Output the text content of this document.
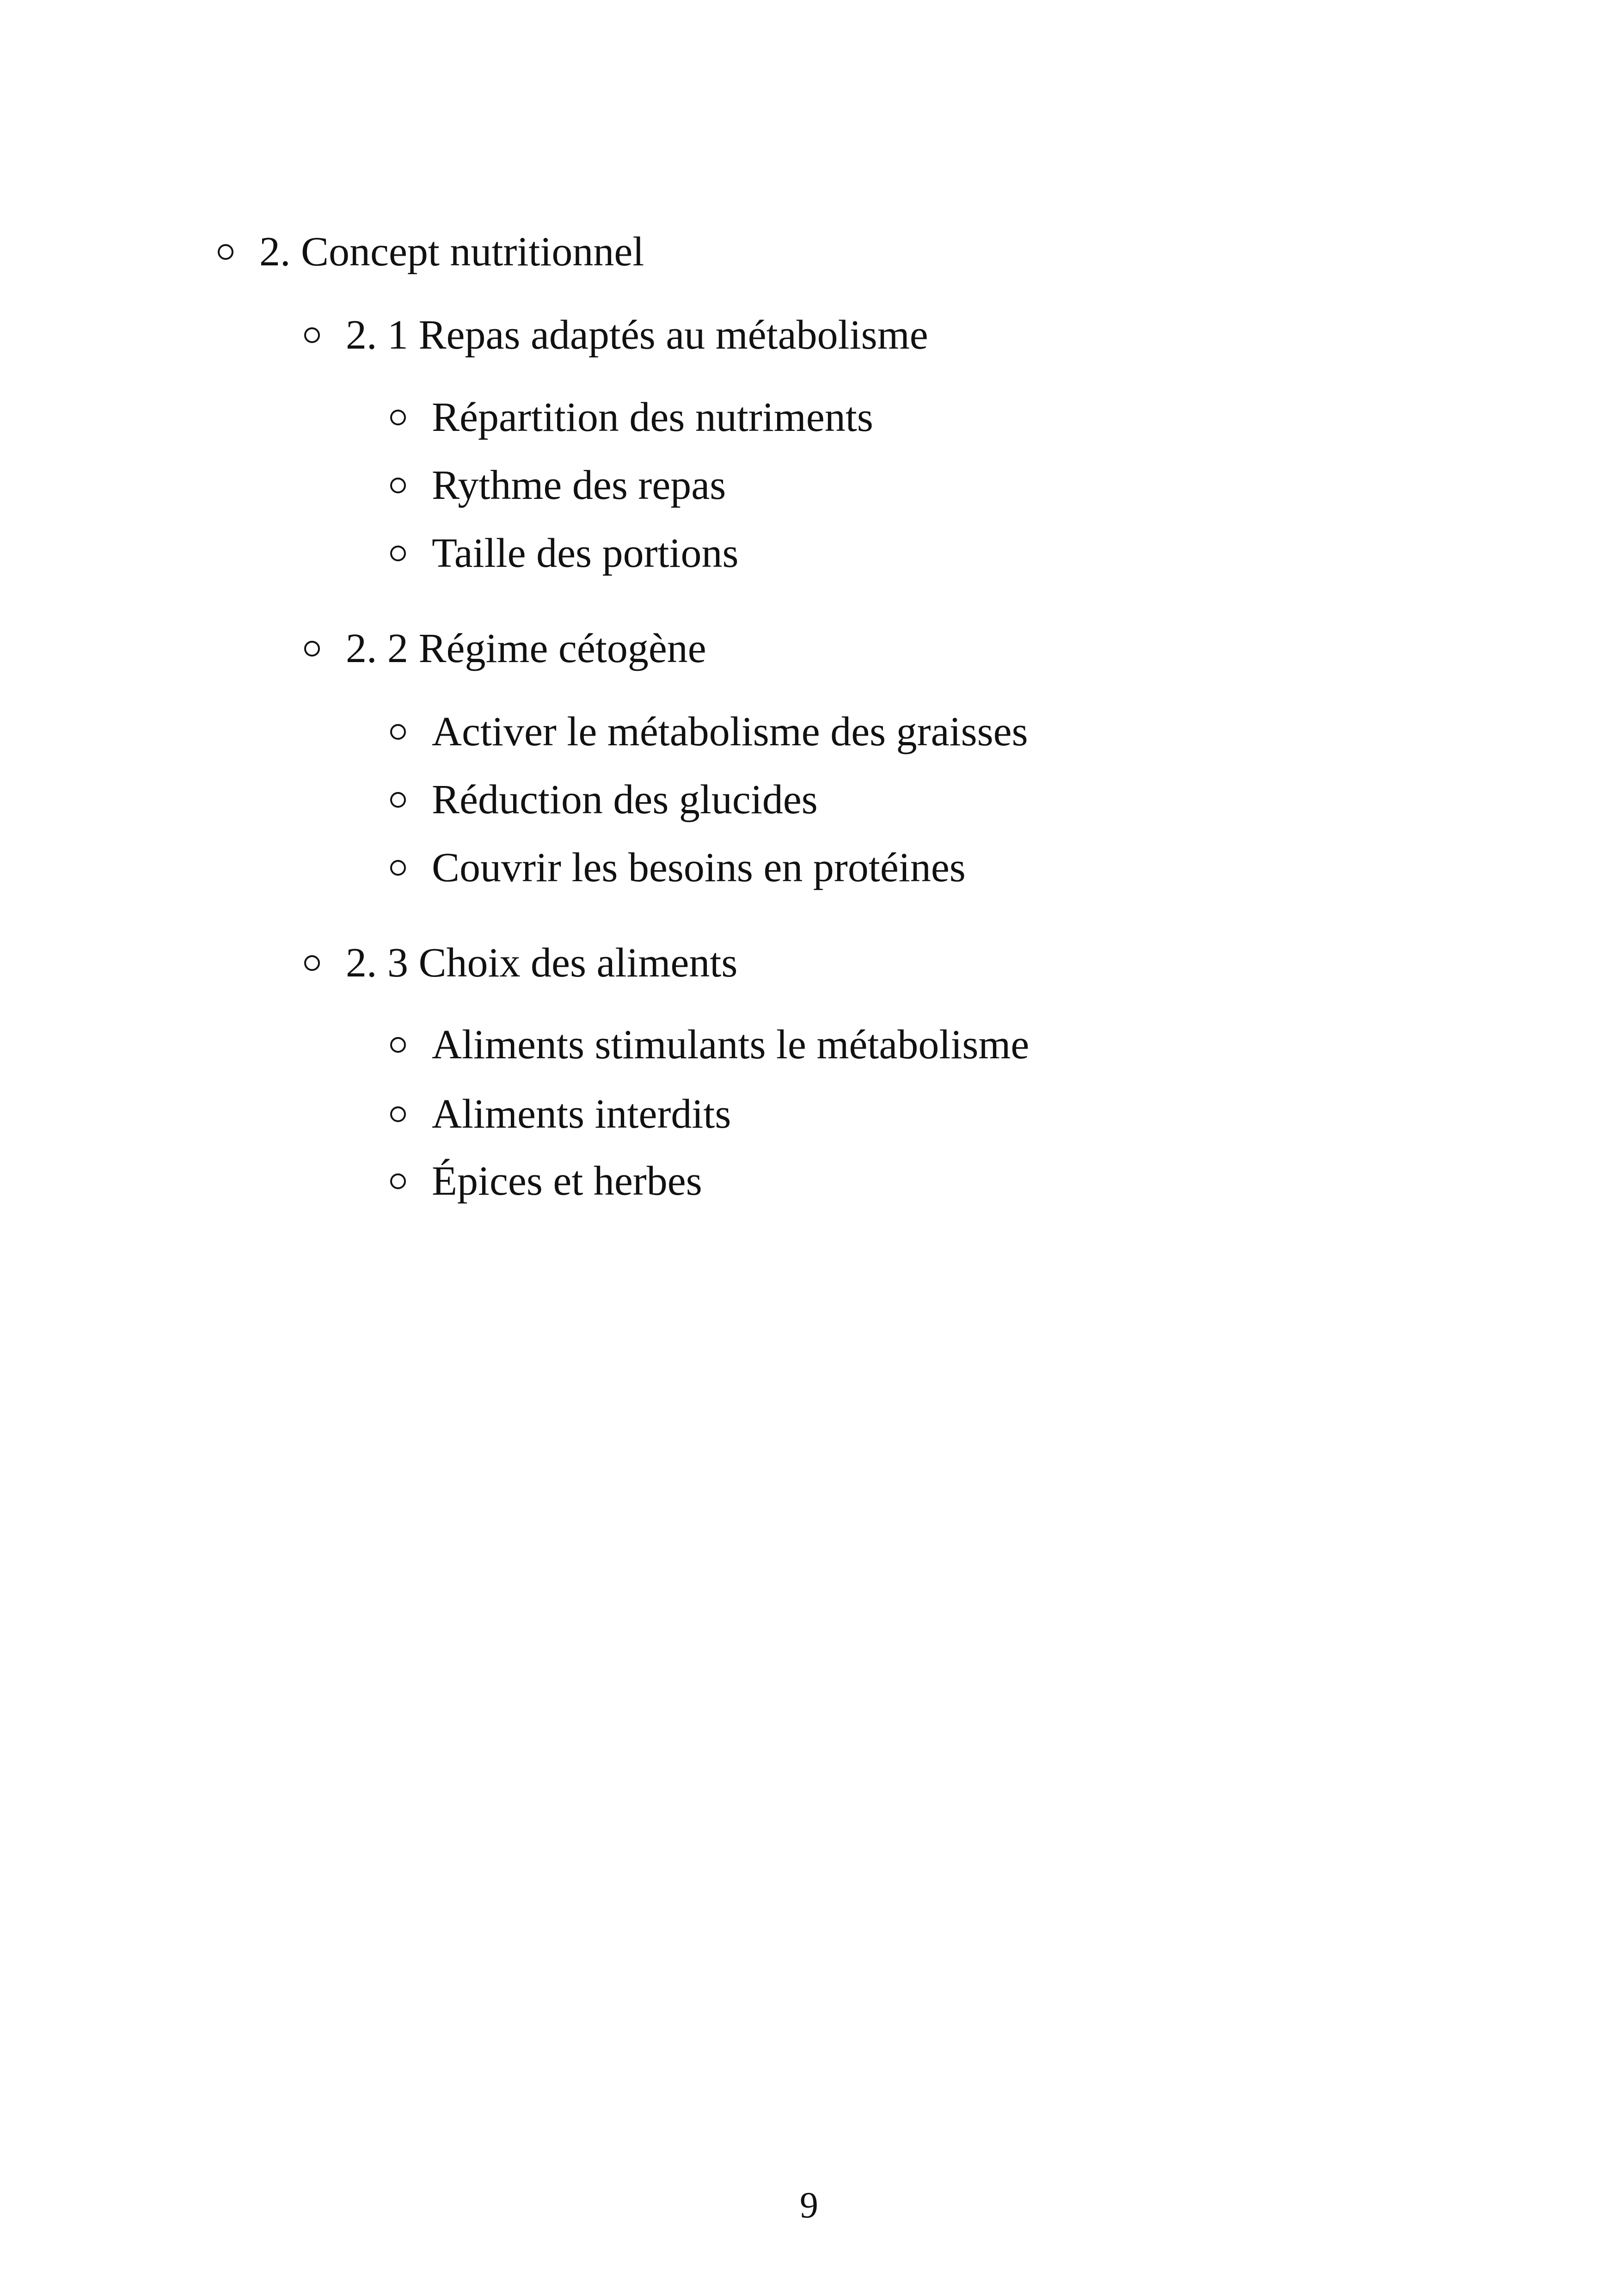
2. Concept nutritionnel
2. 1 Repas adaptés au métabolisme
Répartition des nutriments
Rythme des repas
Taille des portions
2. 2 Régime cétogène
Activer le métabolisme des graisses
Réduction des glucides
Couvrir les besoins en protéines
2. 3 Choix des aliments
Aliments stimulants le métabolisme
Aliments interdits
Épices et herbes
9
